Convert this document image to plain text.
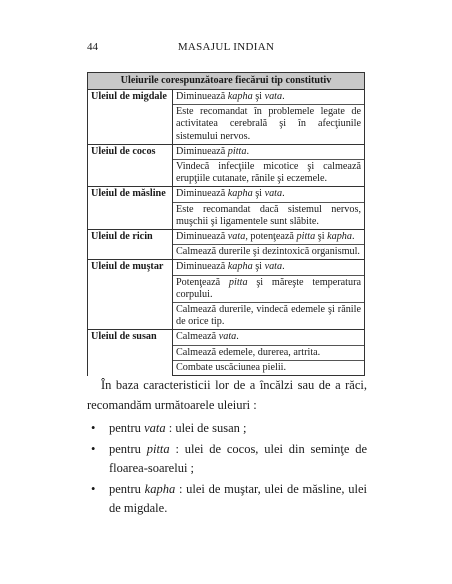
44	MASAJUL INDIAN
Uleiurile corespunzătoare fiecărui tip constitutiv	
Uleiul de migdale	Diminuează kapha şi vata.
	Este recomandat în problemele legate de activitatea cerebrală şi în afecţiunile sistemului nervos.
Uleiul de cocos	Diminuează pitta.
	Vindecă infecţiile micotice şi calmează erupţiile cutanate, rănile şi eczemele.
Uleiul de măsline	Diminuează kapha şi vata.
	Este recomandat dacă sistemul nervos, muşchii şi ligamentele sunt slăbite.
Uleiul de ricin	Diminuează vata, potenţează pitta şi kapha.
	Calmează durerile şi dezintoxică organismul.
Uleiul de muştar	Diminuează kapha şi vata.
	Potenţează pitta şi măreşte temperatura corpului.
	Calmează durerile, vindecă edemele şi rănile de orice tip.
Uleiul de susan	Calmează vata.
	Calmează edemele, durerea, artrita.
	Combate uscăciunea pielii.

În baza caracteristicii lor de a încălzi sau de a răci, recomandăm următoarele uleiuri :

• pentru vata : ulei de susan ;
• pentru pitta : ulei de cocos, ulei din seminţe de floarea-soarelui ;
• pentru kapha : ulei de muştar, ulei de măsline, ulei de migdale.
